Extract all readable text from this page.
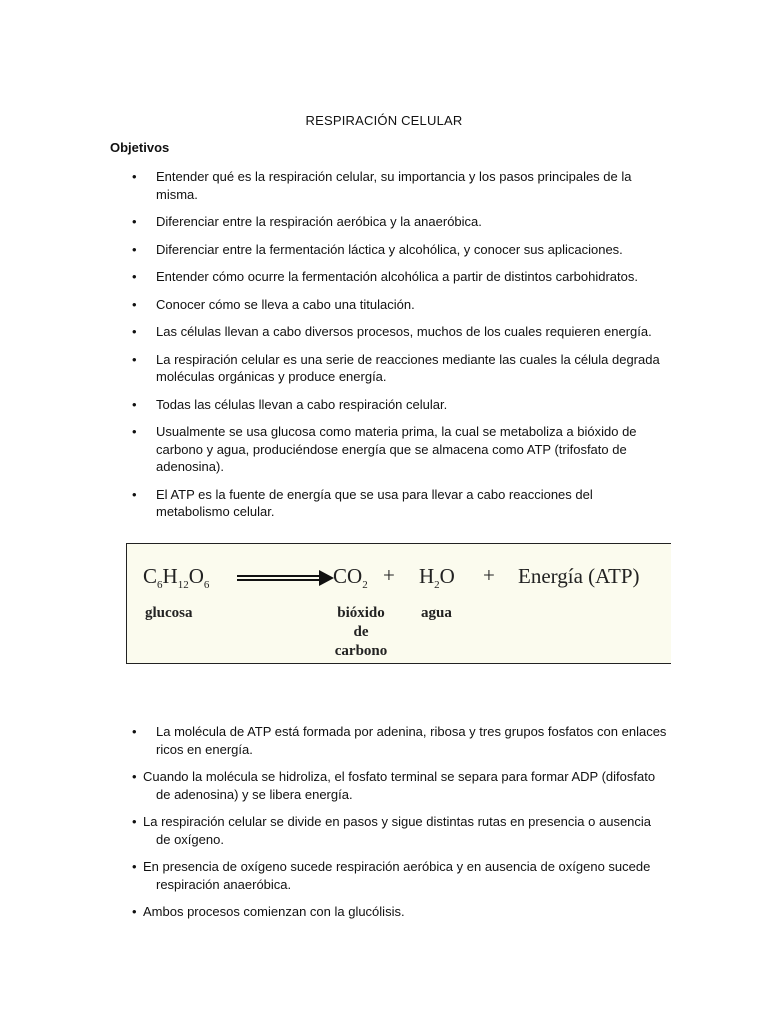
RESPIRACIÓN CELULAR
Objetivos
• Entender qué es la respiración celular, su importancia y los pasos principales de la misma.
• Diferenciar entre la respiración aeróbica y la anaeróbica.
• Diferenciar entre la fermentación láctica y alcohólica, y conocer sus aplicaciones.
• Entender cómo ocurre la fermentación alcohólica a partir de distintos carbohidratos.
• Conocer cómo se lleva a cabo una titulación.
• Las células llevan a cabo diversos procesos, muchos de los cuales requieren energía.
• La respiración celular es una serie de reacciones mediante las cuales la célula degrada moléculas orgánicas y produce energía.
• Todas las células llevan a cabo respiración celular.
• Usualmente se usa glucosa como materia prima, la cual se metaboliza a bióxido de carbono y agua, produciéndose energía que se almacena como ATP (trifosfato de adenosina).
• El ATP es la fuente de energía que se usa para llevar a cabo reacciones del metabolismo celular.
$C_6H_{12}O_6$	$CO_2 + H_2O$ + Energía (ATP)
glucosa	bióxido
de
carbono
agua
• La molécula de ATP está formada por adenina, ribosa y tres grupos fosfatos con enlaces ricos en energía.
• Cuando la molécula se hidroliza, el fosfato terminal se separa para formar ADP (difosfato de adenosina) y se libera energía.
• La respiración celular se divide en pasos y sigue distintas rutas en presencia o ausencia de oxígeno.
• En presencia de oxígeno sucede respiración aeróbica y en ausencia de oxígeno sucede respiración anaeróbica.
• Ambos procesos comienzan con la glucólisis.
